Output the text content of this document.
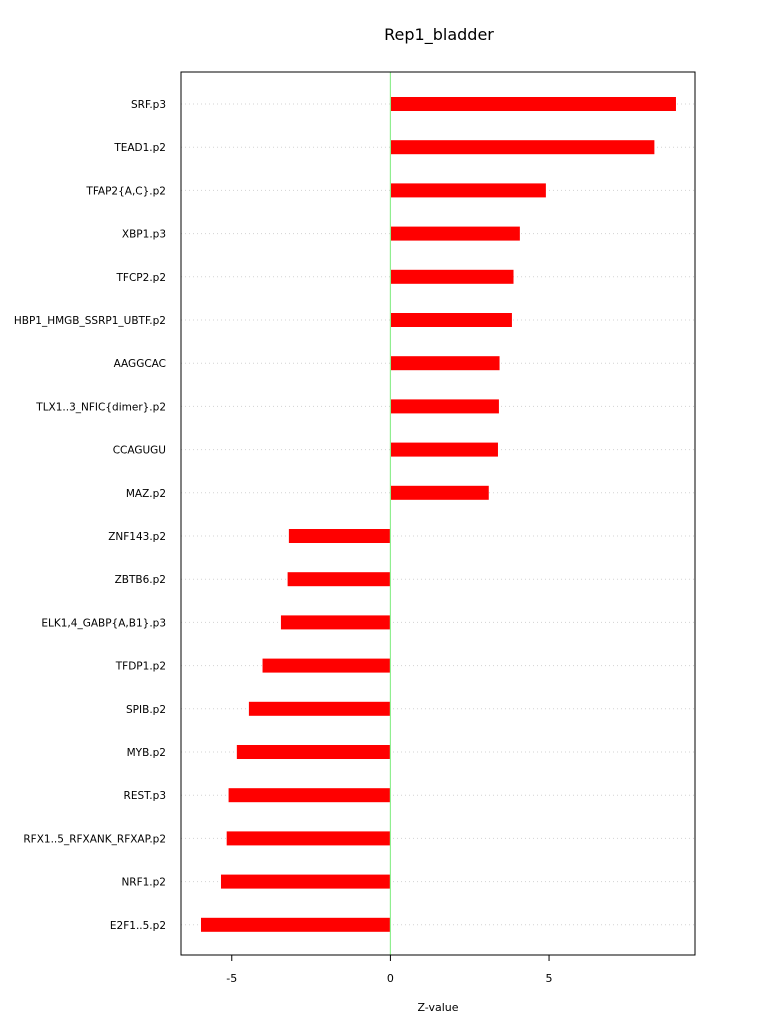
Rep1_bladder
SRF.p3
TEAD1.p2
TFAP2{A,C}.p2
XBP1.p3
TFCP2.p2
HBP1_HMGB_SSRP1_UBTF.p2
AAGGCAC
TLX1..3_NFIC{dimer}.p2
CCAGUGU
MAZ.p2
ZNF143.p2
ZBTB6.p2
ELK1,4_GABP{A,B1}.p3
TFDP1.p2
SPIB.p2
MYB.p2
REST.p3
RFX1..5_RFXANK_RFXAP.p2
NRF1.p2
E2F1..5.p2
-5	0	5
Z-value
